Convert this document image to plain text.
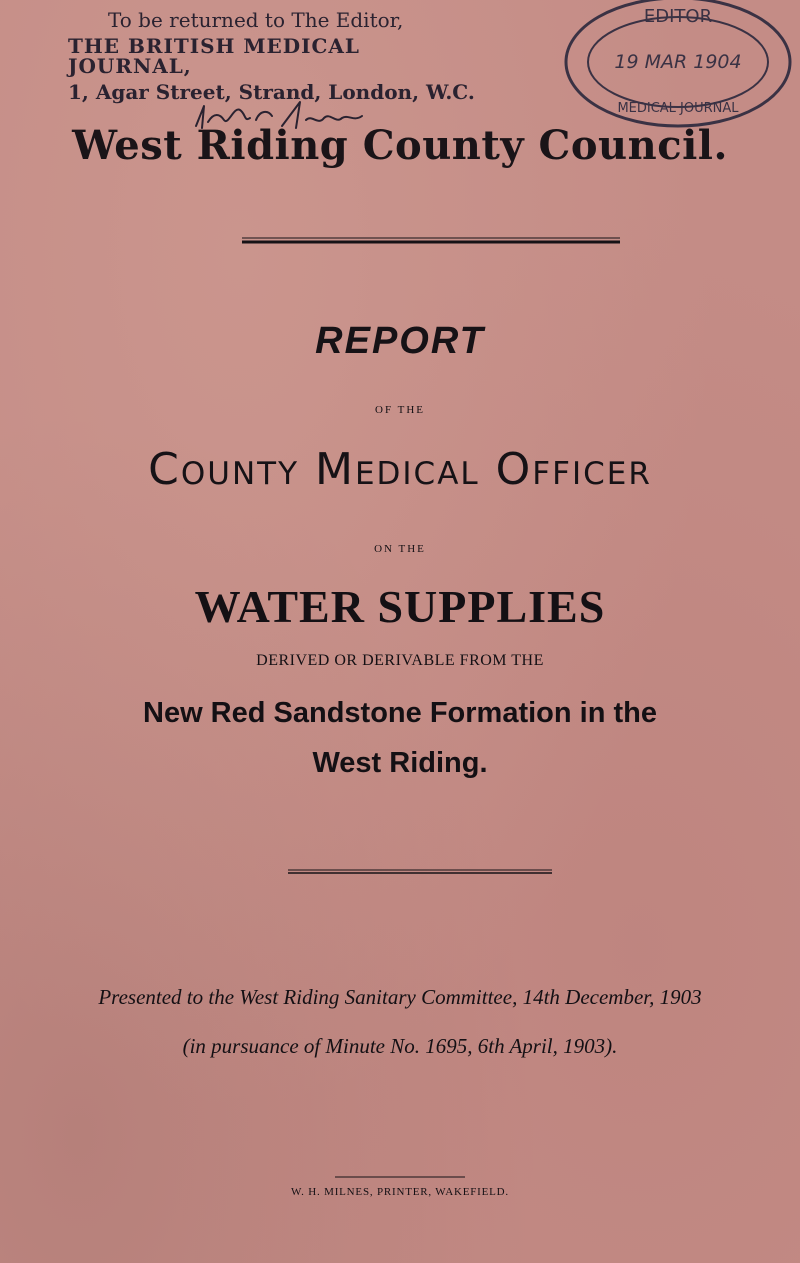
To be returned to The Editor,
THE BRITISH MEDICAL JOURNAL,
1, Agar Street, Strand, London, W.C.
EDITOR
19 MAR 1904
MEDICAL JOURNAL
West Riding County Council.
REPORT
OF THE
County Medical Officer
ON THE
WATER SUPPLIES
DERIVED OR DERIVABLE FROM THE
New Red Sandstone Formation in the
West Riding.
Presented to the West Riding Sanitary Committee, 14th December, 1903
(in pursuance of Minute No. 1695, 6th April, 1903).
W. H. MILNES, PRINTER, WAKEFIELD.
